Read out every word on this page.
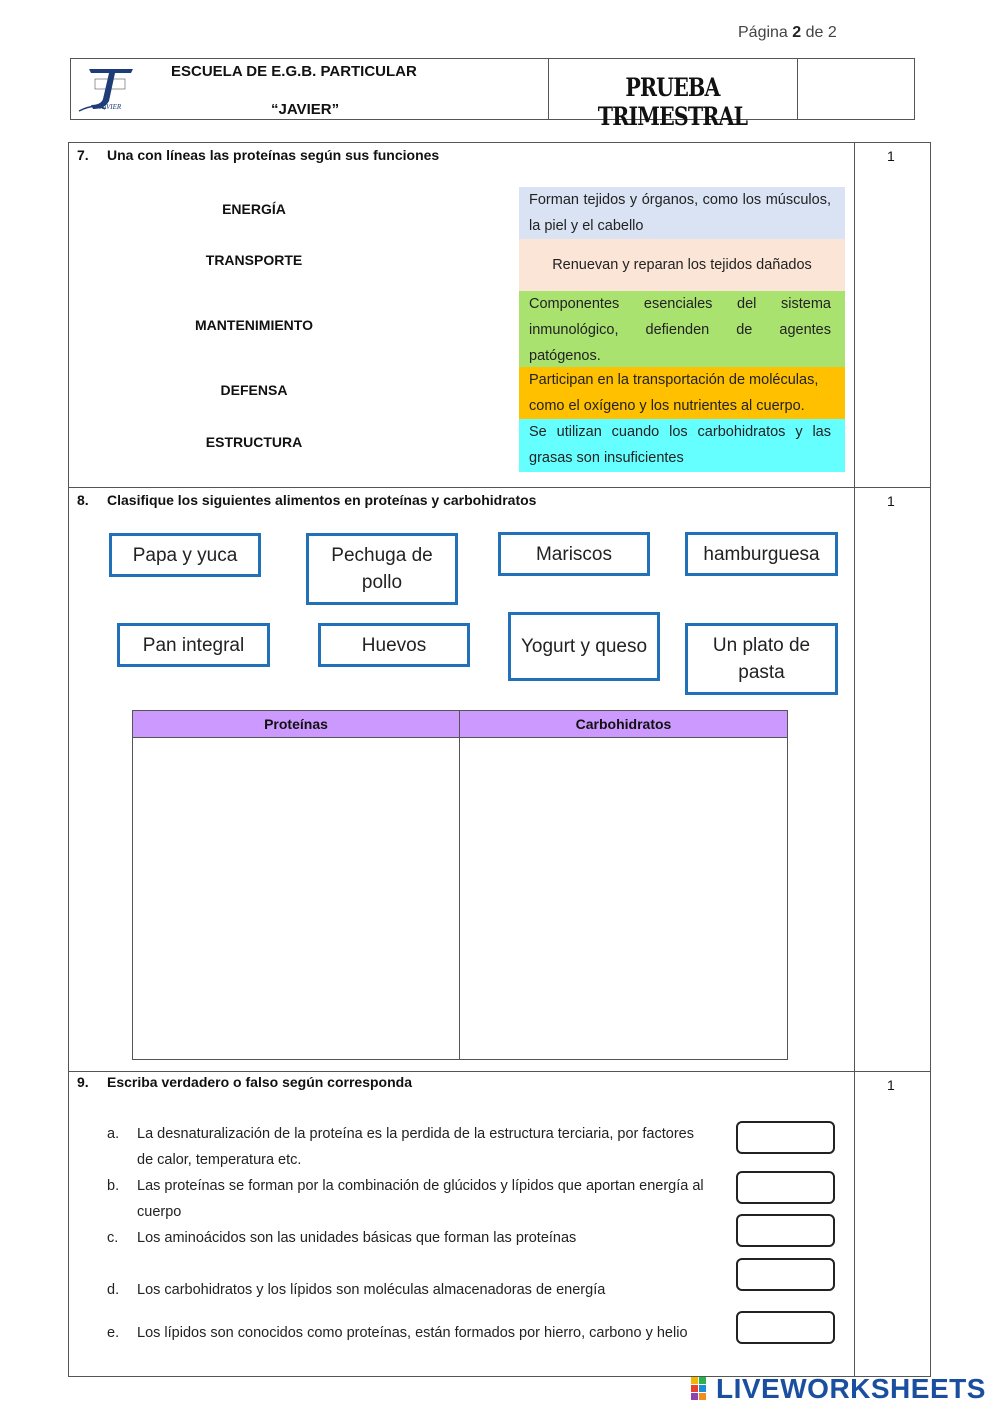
JAVIER
ESCUELA DE E.G.B. PARTICULAR
“JAVIER”
PRUEBA TRIMESTRAL
Página 2 de 2
7. Una con líneas las proteínas según sus funciones	1
ENERGÍA
TRANSPORTE
MANTENIMIENTO
DEFENSA
ESTRUCTURA
Forman tejidos y órganos, como los músculos, la piel y el cabello
Renuevan y reparan los tejidos dañados
Componentes esenciales del sistema inmunológico, defienden de agentes patógenos.
Participan en la transportación de moléculas, como el oxígeno y los nutrientes al cuerpo.
Se utilizan cuando los carbohidratos y las grasas son insuficientes
8. Clasifique los siguientes alimentos en proteínas y carbohidratos	1
Papa y yuca	Pechuga de pollo
Mariscos	hamburguesa
Pan integral	Huevos	Yogurt y queso	Un plato de pasta
Proteínas	Carbohidratos
9. Escriba verdadero o falso según corresponda	1
a. La desnaturalización de la proteína es la perdida de la estructura terciaria, por factores
de calor, temperatura etc.
b. Las proteínas se forman por la combinación de glúcidos y lípidos que aportan energía al
cuerpo
c. Los aminoácidos son las unidades básicas que forman las proteínas
d. Los carbohidratos y los lípidos son moléculas almacenadoras de energía
e. Los lípidos son conocidos como proteínas, están formados por hierro, carbono y helio
LIVEWORKSHEETS
